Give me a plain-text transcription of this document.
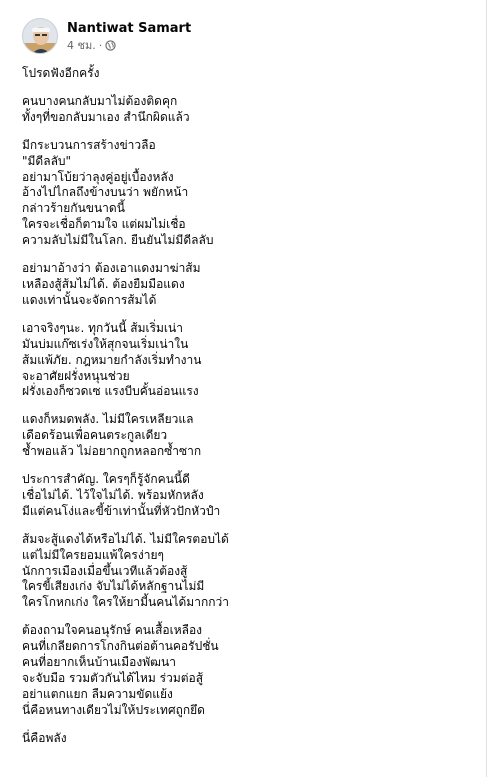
Nantiwat Samart
4 ชม. ·
โปรดฟังอีกครั้ง
คนบางคนกลับมาไม่ต้องติดคุก
ทั้งๆที่ขอกลับมาเอง สำนึกผิดแล้ว
มีกระบวนการสร้างข่าวลือ
"มีดีลลับ"
อย่ามาโบ้ยว่าลุงคู่อยู่เบื้องหลัง
อ้างไปไกลถึงข้างบนว่า พยักหน้า
กล่าวร้ายกันขนาดนี้
ใครจะเชื่อก็ตามใจ แต่ผมไม่เชื่อ
ความลับไม่มีในโลก. ยืนยันไม่มีดีลลับ
อย่ามาอ้างว่า ต้องเอาแดงมาฆ่าส้ม
เหลืองสู้ส้มไม่ได้. ต้องยืมมือแดง
แดงเท่านั้นจะจัดการส้มได้
เอาจริงๆนะ. ทุกวันนี้ ส้มเริ่มเน่า
มันบ่มแก๊ซเร่งให้สุกจนเริ่มเน่าใน
ส้มแพ้ภัย. กฎหมายกำลังเริ่มทำงาน
จะอาศัยฝรั่งหนุนช่วย
ฝรั่งเองก็ซวดเซ แรงบีบคั้นอ่อนแรง
แดงก็หมดพลัง. ไม่มีใครเหลียวแล
เดือดร้อนเพื่อคนตระกูลเดียว
ช้ำพอแล้ว ไม่อยากถูกหลอกซ้ำซาก
ประการสำคัญ. ใครๆก็รู้จักคนนี้ดี
เชื่อไม่ได้. ไว้ใจไม่ได้. พร้อมหักหลัง
มีแต่คนโง่และขี้ข้าเท่านั้นที่หัวปักหัวปำ
ส้มจะสู้แดงได้หรือไม่ได้. ไม่มีใครตอบได้
แต่ไม่มีใครยอมแพ้ใครง่ายๆ
นักการเมืองเมื่อขึ้นเวทีแล้วต้องสู้
ใครขี้เสียงเก่ง จับไม่ได้หลักฐานไม่มี
ใครโกหกเก่ง ใครให้ยามี้นคนได้มากกว่า
ต้องถามใจคนอนุรักษ์ คนเสื้อเหลือง
คนที่เกลียดการโกงกินต่อต้านคอรัปชั่น
คนที่อยากเห็นบ้านเมืองพัฒนา
จะจับมือ รวมตัวกันได้ไหม ร่วมต่อสู้
อย่าแตกแยก ลืมความขัดแย้ง
นี่คือหนทางเดียวไม่ให้ประเทศถูกยึด
นี่คือพลัง
